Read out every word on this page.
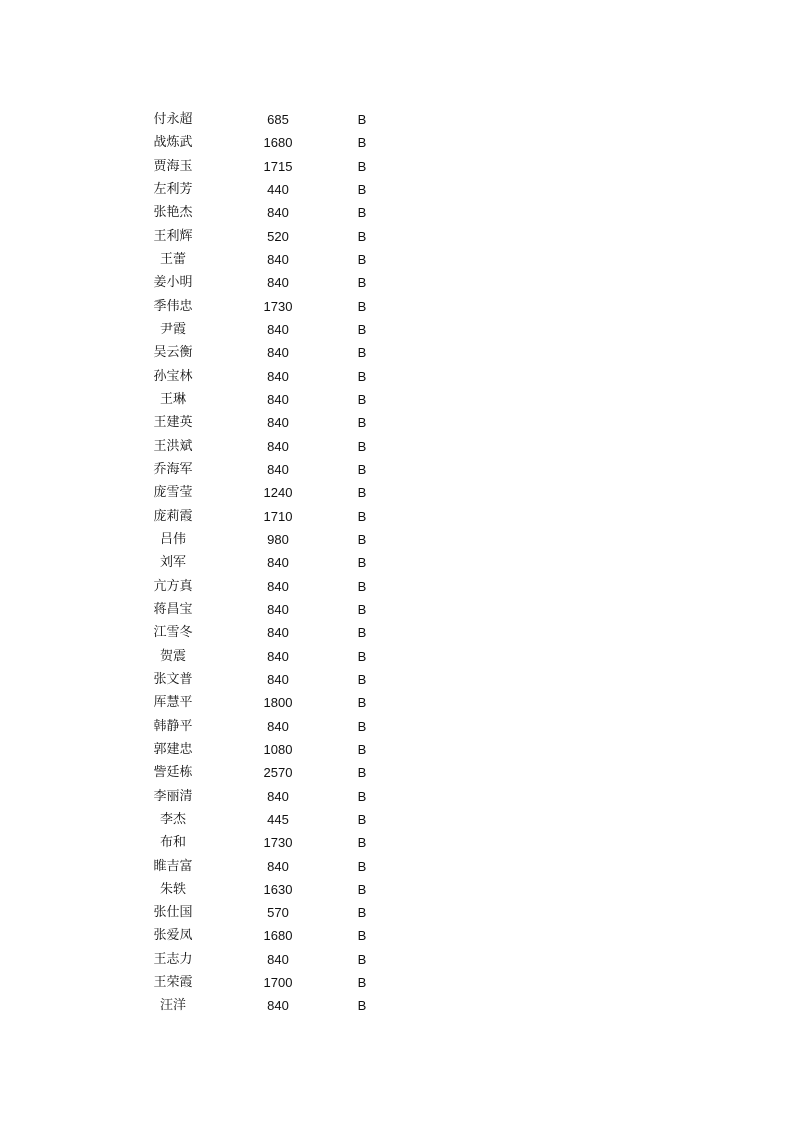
付永超	685	B
战炼武	1680	B
贾海玉	1715	B
左利芳	440	B
张艳杰	840	B
王利辉	520	B
王蕾	840	B
姜小明	840	B
季伟忠	1730	B
尹霞	840	B
吴云衡	840	B
孙宝林	840	B
王琳	840	B
王建英	840	B
王洪斌	840	B
乔海军	840	B
庞雪莹	1240	B
庞莉霞	1710	B
吕伟	980	B
刘军	840	B
亢方真	840	B
蒋昌宝	840	B
江雪冬	840	B
贺震	840	B
张文普	840	B
厍慧平	1800	B
韩静平	840	B
郭建忠	1080	B
訾廷栋	2570	B
李丽清	840	B
李杰	445	B
布和	1730	B
睢吉富	840	B
朱轶	1630	B
张仕国	570	B
张爱凤	1680	B
王志力	840	B
王荣霞	1700	B
汪洋	840	B
